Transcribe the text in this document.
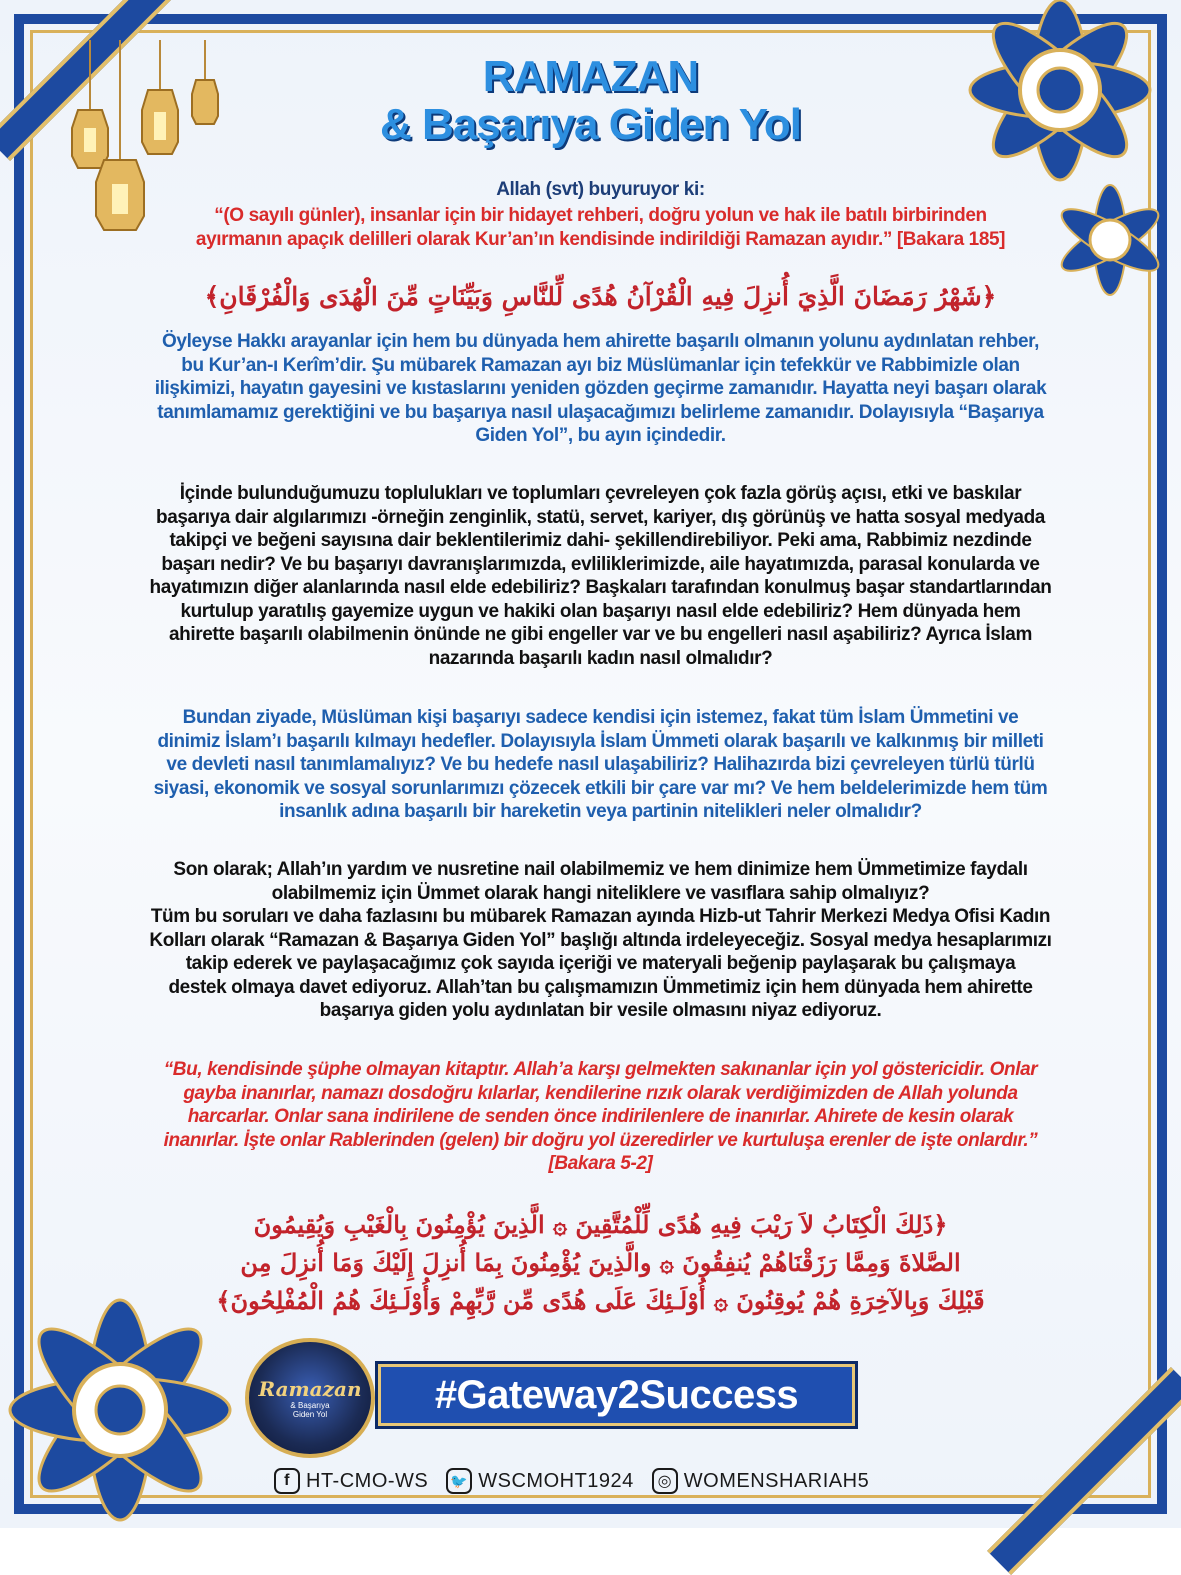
RAMAZAN
& Başarıya Giden Yol
Allah (svt) buyuruyor ki:
“(O sayılı günler), insanlar için bir hidayet rehberi, doğru yolun ve hak ile batılı birbirinden
ayırmanın apaçık delilleri olarak Kur’an’ın kendisinde indirildiği Ramazan ayıdır.” [Bakara 185]
﴿شَهْرُ رَمَضَانَ الَّذِيَ أُنزِلَ فِيهِ الْقُرْآنُ هُدًى لِّلنَّاسِ وَبَيِّنَاتٍ مِّنَ الْهُدَى وَالْفُرْقَانِ﴾
Öyleyse Hakkı arayanlar için hem bu dünyada hem ahirette başarılı olmanın yolunu aydınlatan rehber,
bu Kur’an-ı Kerîm’dir. Şu mübarek Ramazan ayı biz Müslümanlar için tefekkür ve Rabbimizle olan
ilişkimizi, hayatın gayesini ve kıstaslarını yeniden gözden geçirme zamanıdır. Hayatta neyi başarı olarak
tanımlamamız gerektiğini ve bu başarıya nasıl ulaşacağımızı belirleme zamanıdır. Dolayısıyla “Başarıya
Giden Yol”, bu ayın içindedir.
İçinde bulunduğumuzu toplulukları ve toplumları çevreleyen çok fazla görüş açısı, etki ve baskılar
başarıya dair algılarımızı -örneğin zenginlik, statü, servet, kariyer, dış görünüş ve hatta sosyal medyada
takipçi ve beğeni sayısına dair beklentilerimiz dahi- şekillendirebiliyor. Peki ama, Rabbimiz nezdinde
başarı nedir? Ve bu başarıyı davranışlarımızda, evliliklerimizde, aile hayatımızda, parasal konularda ve
hayatımızın diğer alanlarında nasıl elde edebiliriz? Başkaları tarafından konulmuş başar standartlarından
kurtulup yaratılış gayemize uygun ve hakiki olan başarıyı nasıl elde edebiliriz? Hem dünyada hem
ahirette başarılı olabilmenin önünde ne gibi engeller var ve bu engelleri nasıl aşabiliriz? Ayrıca İslam
nazarında başarılı kadın nasıl olmalıdır?
Bundan ziyade, Müslüman kişi başarıyı sadece kendisi için istemez, fakat tüm İslam Ümmetini ve
dinimiz İslam’ı başarılı kılmayı hedefler. Dolayısıyla İslam Ümmeti olarak başarılı ve kalkınmış bir milleti
ve devleti nasıl tanımlamalıyız? Ve bu hedefe nasıl ulaşabiliriz? Halihazırda bizi çevreleyen türlü türlü
siyasi, ekonomik ve sosyal sorunlarımızı çözecek etkili bir çare var mı? Ve hem beldelerimizde hem tüm
insanlık adına başarılı bir hareketin veya partinin nitelikleri neler olmalıdır?
Son olarak; Allah’ın yardım ve nusretine nail olabilmemiz ve hem dinimize hem Ümmetimize faydalı
olabilmemiz için Ümmet olarak hangi niteliklere ve vasıflara sahip olmalıyız?
Tüm bu soruları ve daha fazlasını bu mübarek Ramazan ayında Hizb-ut Tahrir Merkezi Medya Ofisi Kadın
Kolları olarak “Ramazan & Başarıya Giden Yol” başlığı altında irdeleyeceğiz. Sosyal medya hesaplarımızı
takip ederek ve paylaşacağımız çok sayıda içeriği ve materyali beğenip paylaşarak bu çalışmaya
destek olmaya davet ediyoruz. Allah’tan bu çalışmamızın Ümmetimiz için hem dünyada hem ahirette
başarıya giden yolu aydınlatan bir vesile olmasını niyaz ediyoruz.
“Bu, kendisinde şüphe olmayan kitaptır. Allah’a karşı gelmekten sakınanlar için yol göstericidir. Onlar
gayba inanırlar, namazı dosdoğru kılarlar, kendilerine rızık olarak verdiğimizden de Allah yolunda
harcarlar. Onlar sana indirilene de senden önce indirilenlere de inanırlar. Ahirete de kesin olarak
inanırlar. İşte onlar Rablerinden (gelen) bir doğru yol üzeredirler ve kurtuluşa erenler de işte onlardır.”
[Bakara 5-2]
﴿ذَلِكَ الْكِتَابُ لاَ رَيْبَ فِيهِ هُدًى لِّلْمُتَّقِينَ ۞ الَّذِينَ يُؤْمِنُونَ بِالْغَيْبِ وَيُقِيمُونَ
الصَّلاةَ وَمِمَّا رَزَقْنَاهُمْ يُنفِقُونَ ۞ والَّذِينَ يُؤْمِنُونَ بِمَا أُنزِلَ إِلَيْكَ وَمَا أُنزِلَ مِن
قَبْلِكَ وَبِالآخِرَةِ هُمْ يُوقِنُونَ ۞ أُوْلَـئِكَ عَلَى هُدًى مِّن رَّبِّهِمْ وَأُوْلَـئِكَ هُمُ الْمُفْلِحُونَ﴾
Ramazan
& Başarıya
Giden Yol	#Gateway2Success
f HT-CMO-WS 🐦 WSCMOHT1924 ◎ WOMENSHARIAH5
